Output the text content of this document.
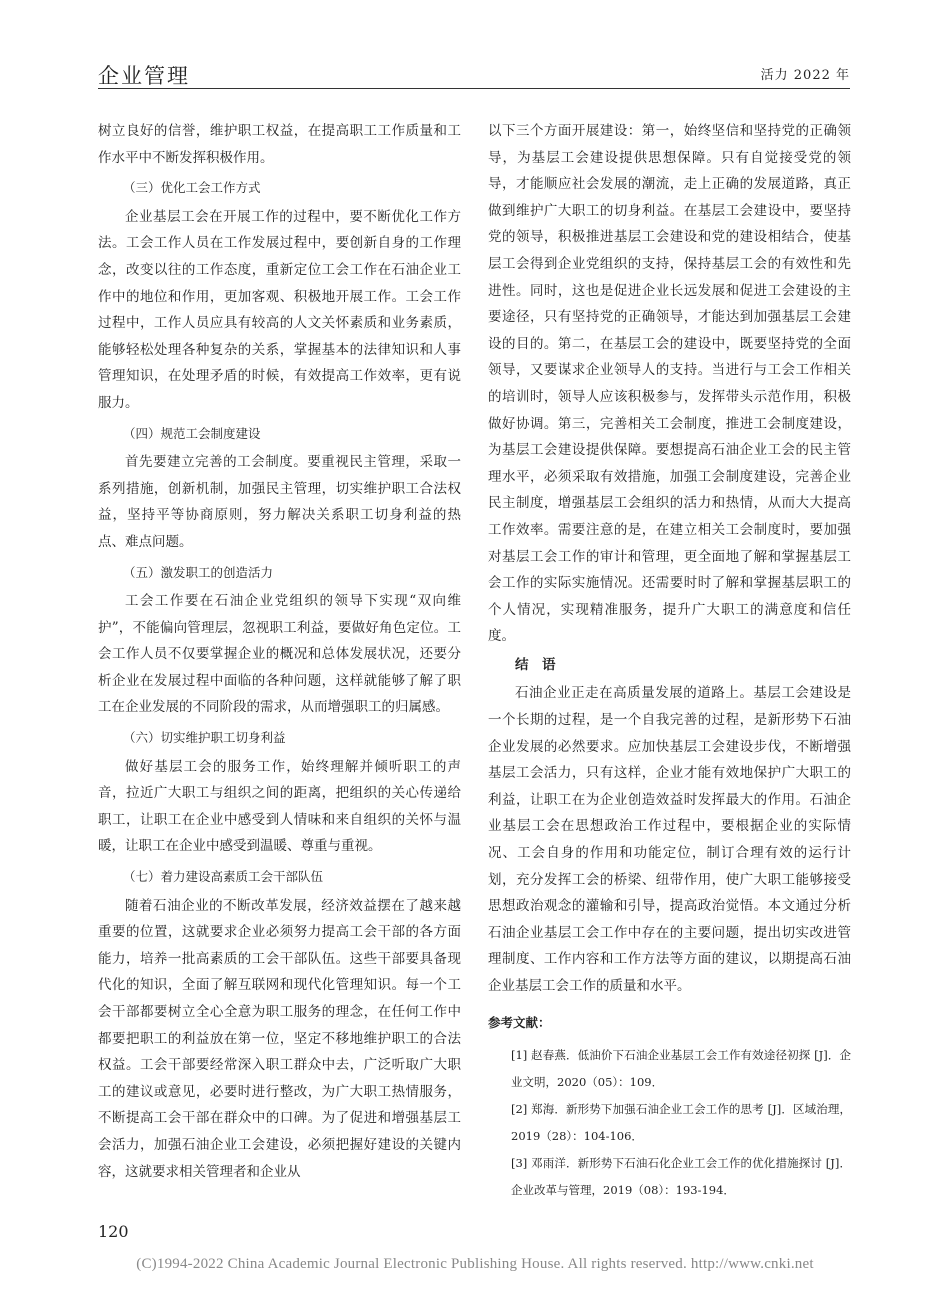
企业管理	活力 2022 年

树立良好的信誉，维护职工权益，在提高职工工作质量和工作水平中不断发挥积极作用。

（三）优化工会工作方式

企业基层工会在开展工作的过程中，要不断优化工作方法。工会工作人员在工作发展过程中，要创新自身的工作理念，改变以往的工作态度，重新定位工会工作在石油企业工作中的地位和作用，更加客观、积极地开展工作。工会工作过程中，工作人员应具有较高的人文关怀素质和业务素质，能够轻松处理各种复杂的关系，掌握基本的法律知识和人事管理知识，在处理矛盾的时候，有效提高工作效率，更有说服力。

（四）规范工会制度建设

首先要建立完善的工会制度。要重视民主管理，采取一系列措施，创新机制，加强民主管理，切实维护职工合法权益，坚持平等协商原则，努力解决关系职工切身利益的热点、难点问题。

（五）激发职工的创造活力

工会工作要在石油企业党组织的领导下实现“双向维护”，不能偏向管理层，忽视职工利益，要做好角色定位。工会工作人员不仅要掌握企业的概况和总体发展状况，还要分析企业在发展过程中面临的各种问题，这样就能够了解了职工在企业发展的不同阶段的需求，从而增强职工的归属感。

（六）切实维护职工切身利益

做好基层工会的服务工作，始终理解并倾听职工的声音，拉近广大职工与组织之间的距离，把组织的关心传递给职工，让职工在企业中感受到人情味和来自组织的关怀与温暖，让职工在企业中感受到温暖、尊重与重视。

（七）着力建设高素质工会干部队伍

随着石油企业的不断改革发展，经济效益摆在了越来越重要的位置，这就要求企业必须努力提高工会干部的各方面能力，培养一批高素质的工会干部队伍。这些干部要具备现代化的知识，全面了解互联网和现代化管理知识。每一个工会干部都要树立全心全意为职工服务的理念，在任何工作中都要把职工的利益放在第一位，坚定不移地维护职工的合法权益。工会干部要经常深入职工群众中去，广泛听取广大职工的建议或意见，必要时进行整改，为广大职工热情服务，不断提高工会干部在群众中的口碑。为了促进和增强基层工会活力，加强石油企业工会建设，必须把握好建设的关键内容，这就要求相关管理者和企业从

以下三个方面开展建设：第一，始终坚信和坚持党的正确领导，为基层工会建设提供思想保障。只有自觉接受党的领导，才能顺应社会发展的潮流，走上正确的发展道路，真正做到维护广大职工的切身利益。在基层工会建设中，要坚持党的领导，积极推进基层工会建设和党的建设相结合，使基层工会得到企业党组织的支持，保持基层工会的有效性和先进性。同时，这也是促进企业长远发展和促进工会建设的主要途径，只有坚持党的正确领导，才能达到加强基层工会建设的目的。第二，在基层工会的建设中，既要坚持党的全面领导，又要谋求企业领导人的支持。当进行与工会工作相关的培训时，领导人应该积极参与，发挥带头示范作用，积极做好协调。第三，完善相关工会制度，推进工会制度建设，为基层工会建设提供保障。要想提高石油企业工会的民主管理水平，必须采取有效措施，加强工会制度建设，完善企业民主制度，增强基层工会组织的活力和热情，从而大大提高工作效率。需要注意的是，在建立相关工会制度时，要加强对基层工会工作的审计和管理，更全面地了解和掌握基层工会工作的实际实施情况。还需要时时了解和掌握基层职工的个人情况，实现精准服务，提升广大职工的满意度和信任度。

结　语

石油企业正走在高质量发展的道路上。基层工会建设是一个长期的过程，是一个自我完善的过程，是新形势下石油企业发展的必然要求。应加快基层工会建设步伐，不断增强基层工会活力，只有这样，企业才能有效地保护广大职工的利益，让职工在为企业创造效益时发挥最大的作用。石油企业基层工会在思想政治工作过程中，要根据企业的实际情况、工会自身的作用和功能定位，制订合理有效的运行计划，充分发挥工会的桥梁、纽带作用，使广大职工能够接受思想政治观念的灌输和引导，提高政治觉悟。本文通过分析石油企业基层工会工作中存在的主要问题，提出切实改进管理制度、工作内容和工作方法等方面的建议，以期提高石油企业基层工会工作的质量和水平。

参考文献：

[1] 赵春燕．低油价下石油企业基层工会工作有效途径初探 [J]．企业文明，2020（05）：109．

[2] 郑海．新形势下加强石油企业工会工作的思考 [J]．区域治理，2019（28）：104-106．

[3] 邓雨洋．新形势下石油石化企业工会工作的优化措施探讨 [J]．企业改革与管理，2019（08）：193-194．

120
(C)1994-2022 China Academic Journal Electronic Publishing House. All rights reserved. http://www.cnki.net
